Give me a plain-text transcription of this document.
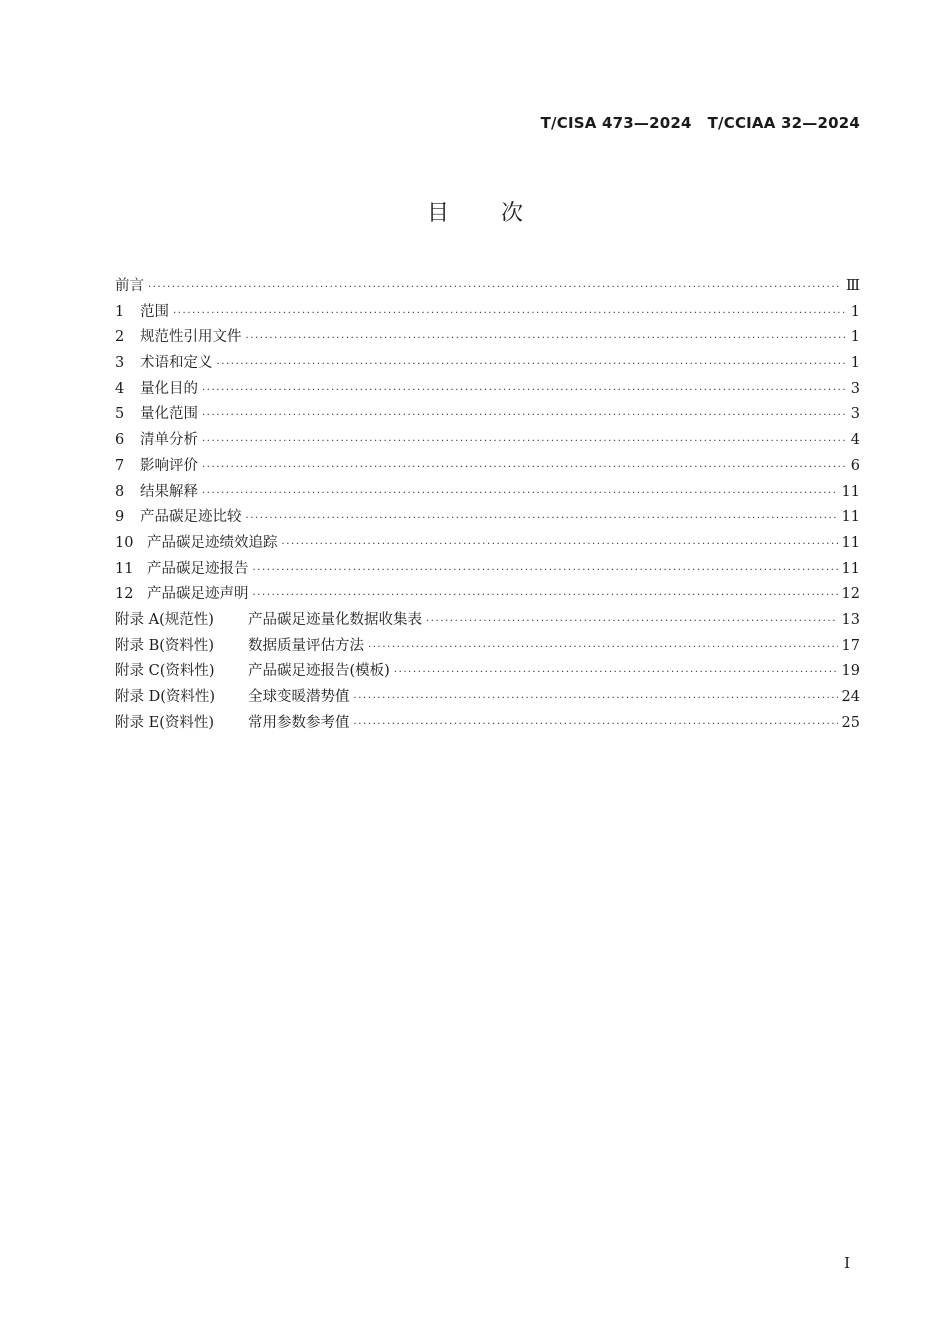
T/CISA 473—2024 T/CCIAA 32—2024
目 次
前言 ·····	Ⅲ
1 范围 ·····	1
2 规范性引用文件 ·····	1
3 术语和定义 ·····	1
4 量化目的 ·····	3
5 量化范围 ·····	3
6 清单分析 ·····	4
7 影响评价 ·····	6
8 结果解释 ·····	11
9 产品碳足迹比较 ·····	11
10 产品碳足迹绩效追踪 ·····	11
11 产品碳足迹报告 ·····	11
12 产品碳足迹声明 ·····	12
附录 A(规范性) 产品碳足迹量化数据收集表 ·····	13
附录 B(资料性) 数据质量评估方法 ·····	17
附录 C(资料性) 产品碳足迹报告(模板) ·····	19
附录 D(资料性) 全球变暖潜势值 ·····	24
附录 E(资料性) 常用参数参考值 ·····	25
I
